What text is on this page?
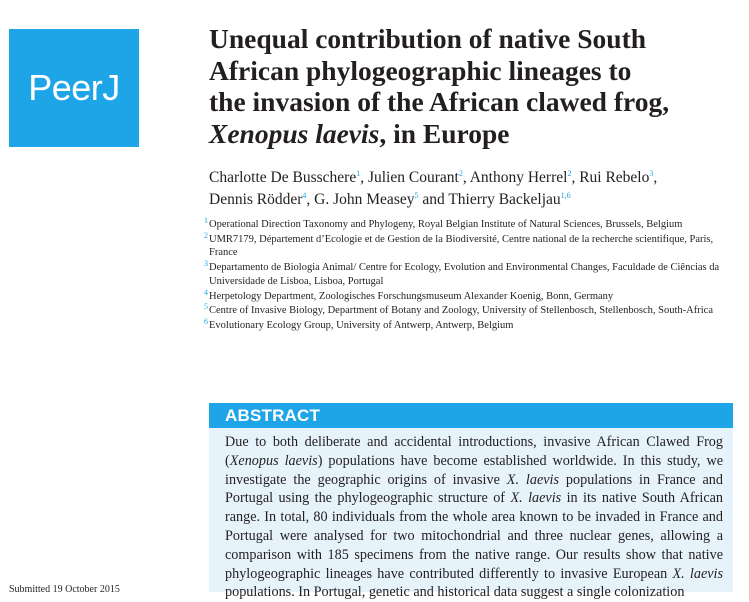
PeerJ
Unequal contribution of native South
African phylogeographic lineages to
the invasion of the African clawed frog,
Xenopus laevis, in Europe
Charlotte De Busschere$^1$, Julien Courant$^2$, Anthony Herrel$^2$, Rui Rebelo$^3$,
Dennis Rödder$^4$, G. John Measey$^5$ and Thierry Backeljau$^{1,6}$
1 Operational Direction Taxonomy and Phylogeny, Royal Belgian Institute of Natural Sciences, Brussels, Belgium
2 UMR7179, Département d’Ecologie et de Gestion de la Biodiversité, Centre national de la recherche scientifique, Paris, France
3 Departamento de Biologia Animal/ Centre for Ecology, Evolution and Environmental Changes, Faculdade de Ciências da Universidade de Lisboa, Lisboa, Portugal
4 Herpetology Department, Zoologisches Forschungsmuseum Alexander Koenig, Bonn, Germany
5 Centre of Invasive Biology, Department of Botany and Zoology, University of Stellenbosch, Stellenbosch, South-Africa
6 Evolutionary Ecology Group, University of Antwerp, Antwerp, Belgium
ABSTRACT

Due to both deliberate and accidental introductions, invasive African Clawed Frog (Xenopus laevis) populations have become established worldwide. In this study, we investigate the geographic origins of invasive X. laevis populations in France and Portugal using the phylogeographic structure of X. laevis in its native South African range. In total, 80 individuals from the whole area known to be invaded in France and Portugal were analysed for two mitochondrial and three nuclear genes, allowing a comparison with 185 specimens from the native range. Our results show that native phylogeographic lineages have contributed differently to invasive European X. laevis populations. In Portugal, genetic and historical data suggest a single colonization

Submitted 19 October 2015
